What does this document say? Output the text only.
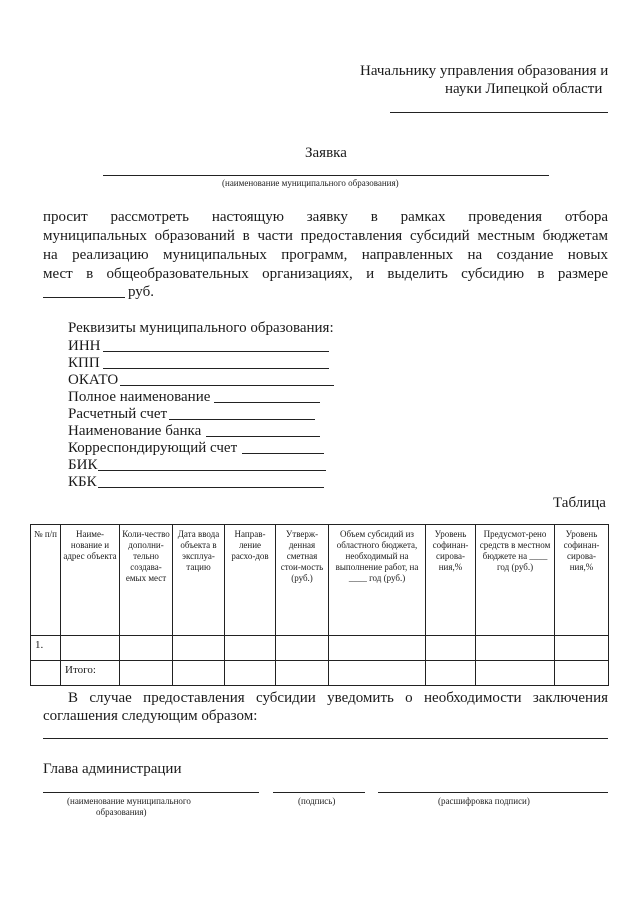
Начальнику управления образования и
науки Липецкой области
Заявка
(наименование муниципального образования)
просит рассмотреть настоящую заявку в рамках проведения отбора
муниципальных образований в части предоставления субсидий местным бюджетам
на реализацию муниципальных программ, направленных на создание новых
мест в общеобразовательных организациях, и выделить субсидию в размере
руб.
Реквизиты муниципального образования:
ИНН
КПП
ОКАТО
Полное наименование
Расчетный счет
Наименование банка
Корреспондирующий счет
БИК
КБК
Таблица
№ п/п	Наиме-нование и адрес объекта	Коли-чество дополни-тельно создава-емых мест	Дата ввода объекта в эксплуа-тацию	Направ-ление расхо-дов	Утверж-денная сметная стои-мость (руб.)	Объем субсидий из областного бюджета, необходимый на выполнение работ, на ____ год (руб.)	Уровень софинан-сирова-ния,%	Предусмот-рено средств в местном бюджете на ____ год (руб.)	Уровень софинан-сирова-ния,%
1.									
	Итого:								
В случае предоставления субсидии уведомить о необходимости заключения
соглашения следующим образом:
Глава администрации
(наименование муниципального
образования)
(подпись)	(расшифровка подписи)
